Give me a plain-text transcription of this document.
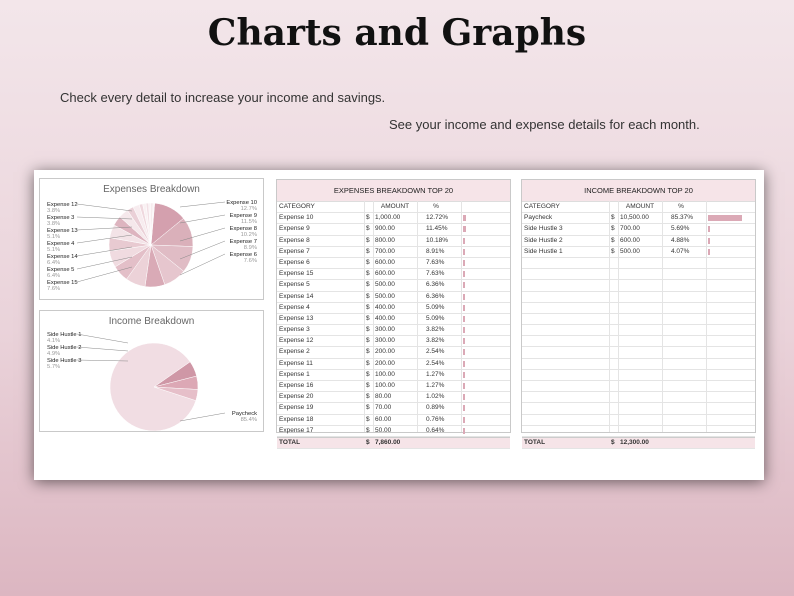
Charts and Graphs
Check every detail to increase your income and savings.
See your income and expense details for each month.
Expenses Breakdown
Expense 12
3.8%
Expense 3
3.8%
Expense 13
5.1%
Expense 4
5.1%
Expense 14
6.4%
Expense 5
6.4%
Expense 15
7.6%
Expense 10
12.7%
Expense 9
11.5%
Expense 8
10.2%
Expense 7
8.9%
Expense 6
7.6%
Income Breakdown
Side Hustle 1
4.1%
Side Hustle 2
4.9%
Side Hustle 3
5.7%
Paycheck
85.4%
EXPENSES BREAKDOWN TOP 20
CATEGORY	AMOUNT	%
Expense 10	$ 1,000.00	12.72%
Expense 9	$ 900.00	11.45%
Expense 8	$ 800.00	10.18%
Expense 7	$ 700.00	8.91%
Expense 6	$ 600.00	7.63%
Expense 15	$ 600.00	7.63%
Expense 5	$ 500.00	6.36%
Expense 14	$ 500.00	6.36%
Expense 4	$ 400.00	5.09%
Expense 13	$ 400.00	5.09%
Expense 3	$ 300.00	3.82%
Expense 12	$ 300.00	3.82%
Expense 2	$ 200.00	2.54%
Expense 11	$ 200.00	2.54%
Expense 1	$ 100.00	1.27%
Expense 16	$ 100.00	1.27%
Expense 20	$ 80.00	1.02%
Expense 19	$ 70.00	0.89%
Expense 18	$ 60.00	0.76%
Expense 17	$ 50.00	0.64%
TOTAL	$ 7,860.00
INCOME BREAKDOWN TOP 20
CATEGORY	AMOUNT	%
Paycheck	$ 10,500.00	85.37%
Side Hustle 3	$ 700.00	5.69%
Side Hustle 2	$ 600.00	4.88%
Side Hustle 1	$ 500.00	4.07%
TOTAL	$ 12,300.00
